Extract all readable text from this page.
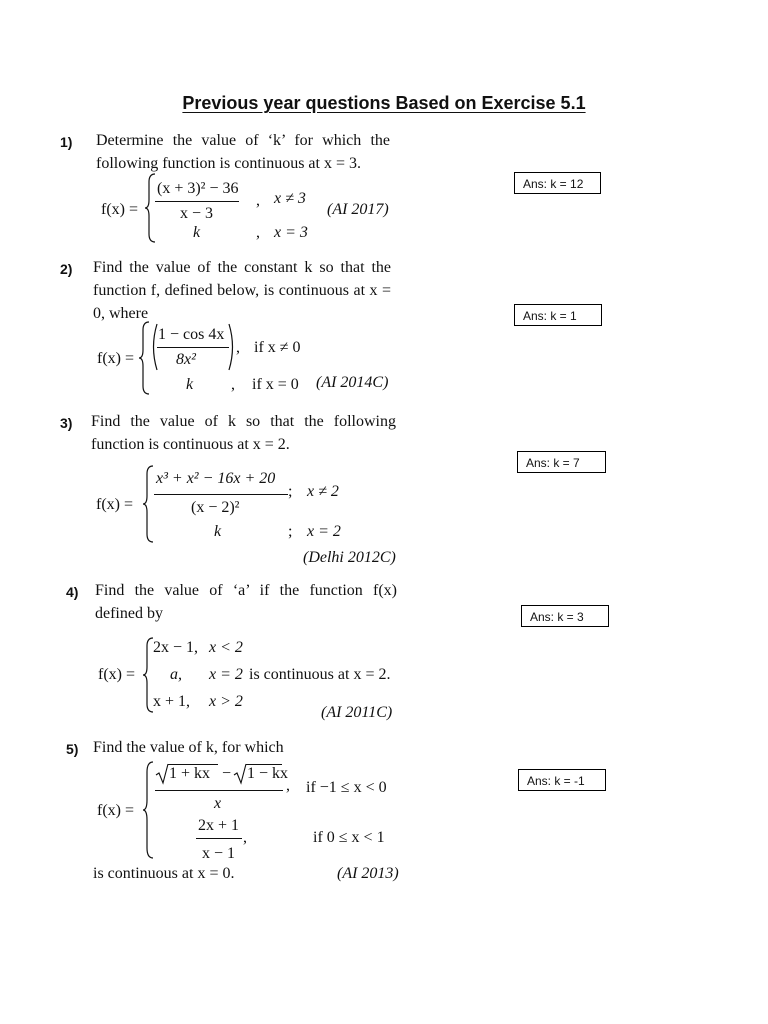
Previous year questions Based on Exercise 5.1
1) Determine the value of ‘k’ for which the following function is continuous at x = 3.
f(x) =
(x + 3)² − 36
x − 3
, x ≠ 3
k	, x = 3
(AI 2017)
Ans: k = 12
2) Find the value of the constant k so that the function f, defined below, is continuous at x = 0, where
f(x) =
1 − cos 4x
8x²
, if x ≠ 0
k , if x = 0 (AI 2014C)
Ans: k = 1
3) Find the value of k so that the following function is continuous at x = 2.
f(x) =
x³ + x² − 16x + 20
(x − 2)²
; x ≠ 2
k	; x = 2
(Delhi 2012C)
Ans: k = 7
4) Find the value of ‘a’ if the function f(x) defined by
f(x) =
2x − 1, x < 2
a, x = 2 is continuous at x = 2.
x + 1, x > 2
(AI 2011C)
Ans: k = 3
5) Find the value of k, for which
f(x) =
1 + kx − 1 − kx
x
, if −1 ≤ x < 0
2x + 1
x − 1
,	if 0 ≤ x < 1
is continuous at x = 0.	(AI 2013)
Ans: k = -1
